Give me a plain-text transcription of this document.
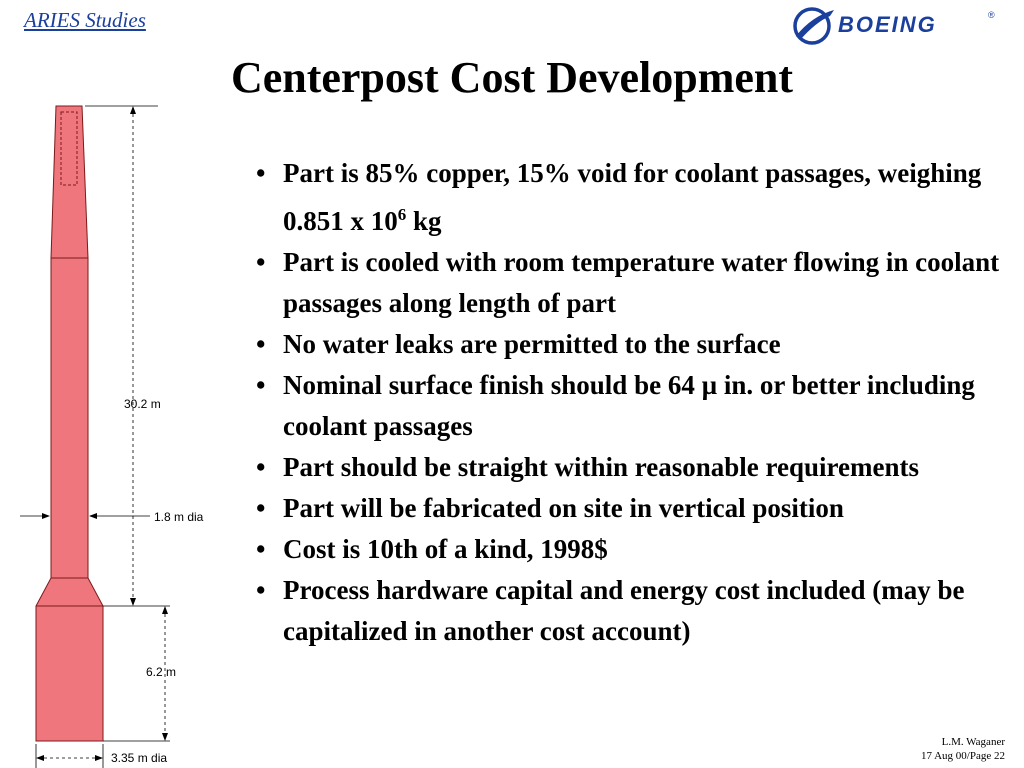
ARIES Studies	BOEING	®
Centerpost Cost Development
30.2 m
1.8 m dia
6.2 m
3.35 m dia
• Part is 85% copper, 15% void for coolant passages, weighing 0.851 x $10^6$ kg
• Part is cooled with room temperature water flowing in coolant passages along length of part
• No water leaks are permitted to the surface
• Nominal surface finish should be 64 µ in. or better including coolant passages
• Part should be straight within reasonable requirements
• Part will be fabricated on site in vertical position
• Cost is 10th of a kind, 1998$
• Process hardware capital and energy cost included (may be capitalized in another cost account)
L.M. Waganer
17 Aug 00/Page 22
